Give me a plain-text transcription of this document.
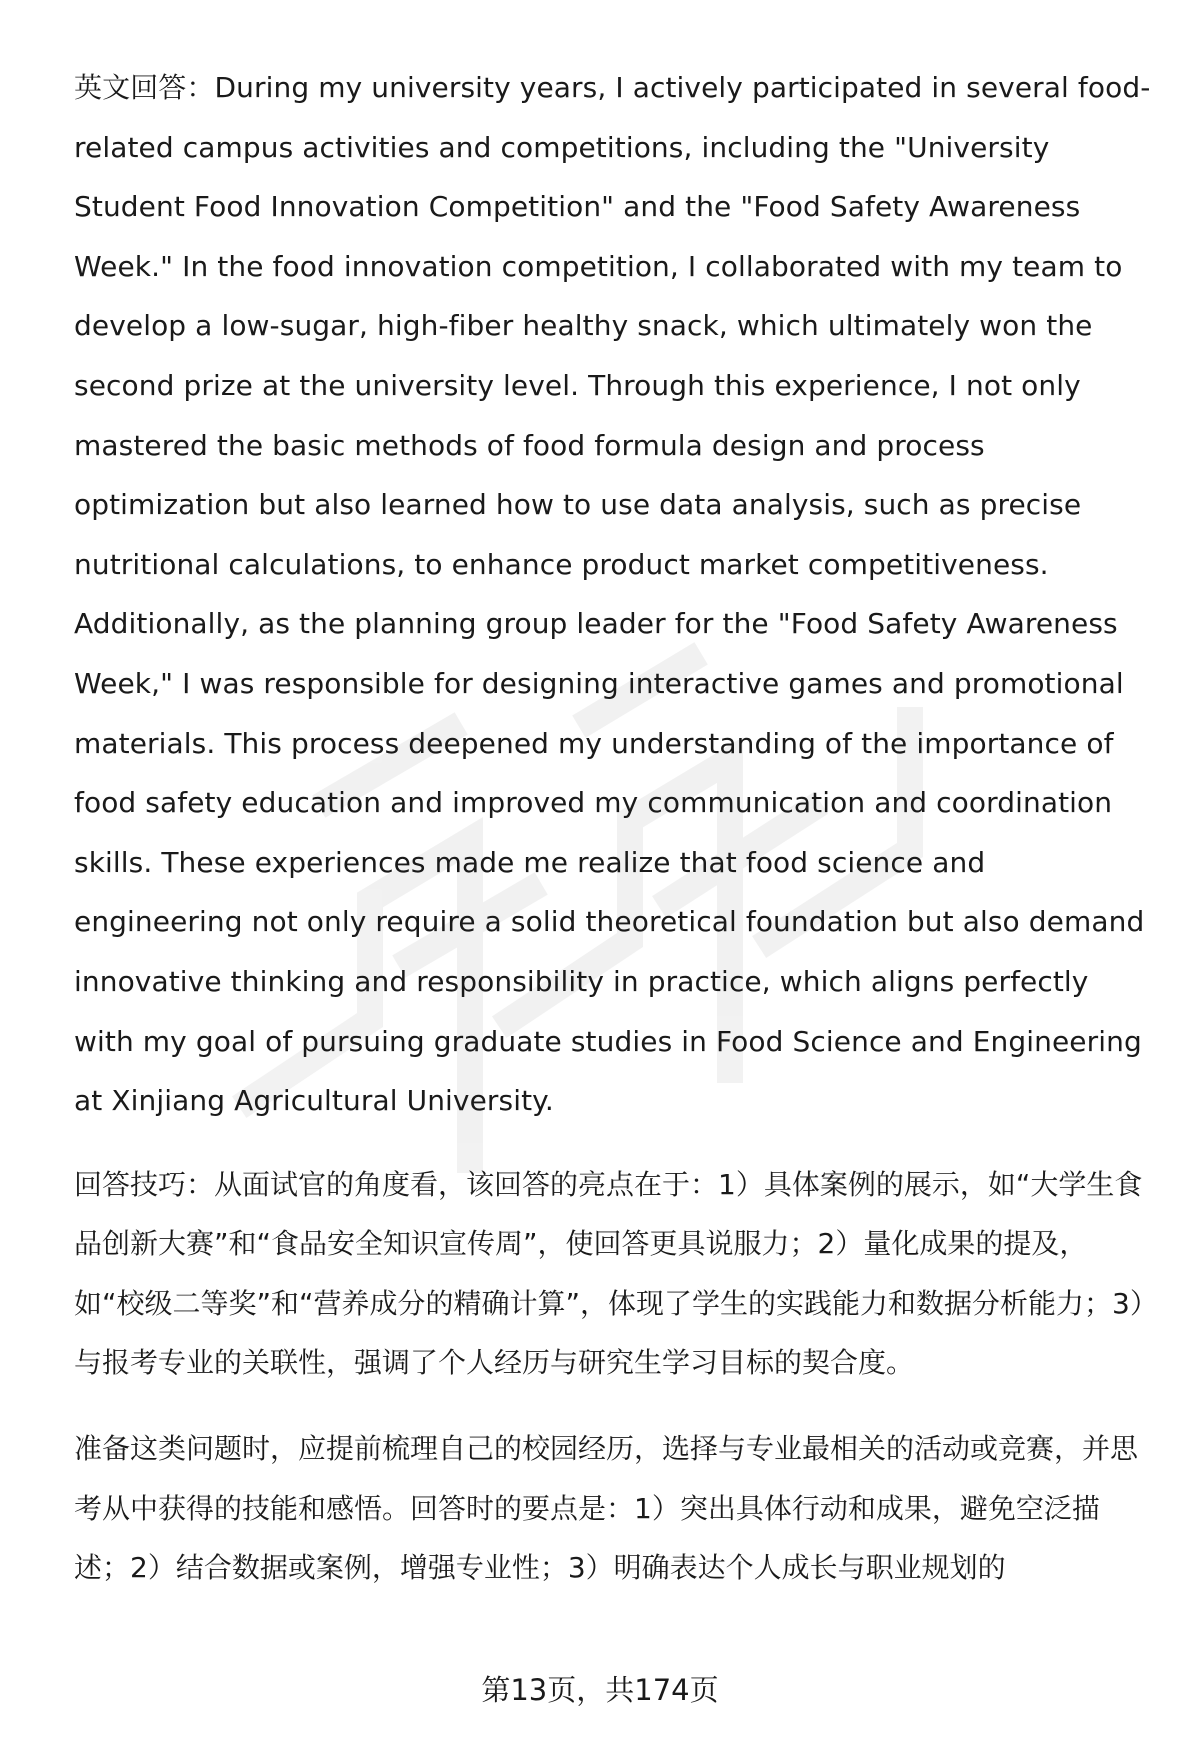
英文回答：During my university years, I actively participated in several food-related campus activities and competitions, including the "University Student Food Innovation Competition" and the "Food Safety Awareness Week." In the food innovation competition, I collaborated with my team to develop a low-sugar, high-fiber healthy snack, which ultimately won the second prize at the university level. Through this experience, I not only mastered the basic methods of food formula design and process optimization but also learned how to use data analysis, such as precise nutritional calculations, to enhance product market competitiveness. Additionally, as the planning group leader for the "Food Safety Awareness Week," I was responsible for designing interactive games and promotional materials. This process deepened my understanding of the importance of food safety education and improved my communication and coordination skills. These experiences made me realize that food science and engineering not only require a solid theoretical foundation but also demand innovative thinking and responsibility in practice, which aligns perfectly with my goal of pursuing graduate studies in Food Science and Engineering at Xinjiang Agricultural University.

回答技巧：从面试官的角度看，该回答的亮点在于：1）具体案例的展示，如“大学生食品创新大赛”和“食品安全知识宣传周”，使回答更具说服力；2）量化成果的提及，如“校级二等奖”和“营养成分的精确计算”，体现了学生的实践能力和数据分析能力；3）与报考专业的关联性，强调了个人经历与研究生学习目标的契合度。

准备这类问题时，应提前梳理自己的校园经历，选择与专业最相关的活动或竞赛，并思考从中获得的技能和感悟。回答时的要点是：1）突出具体行动和成果，避免空泛描述；2）结合数据或案例，增强专业性；3）明确表达个人成长与职业规划的

第13页，共174页
